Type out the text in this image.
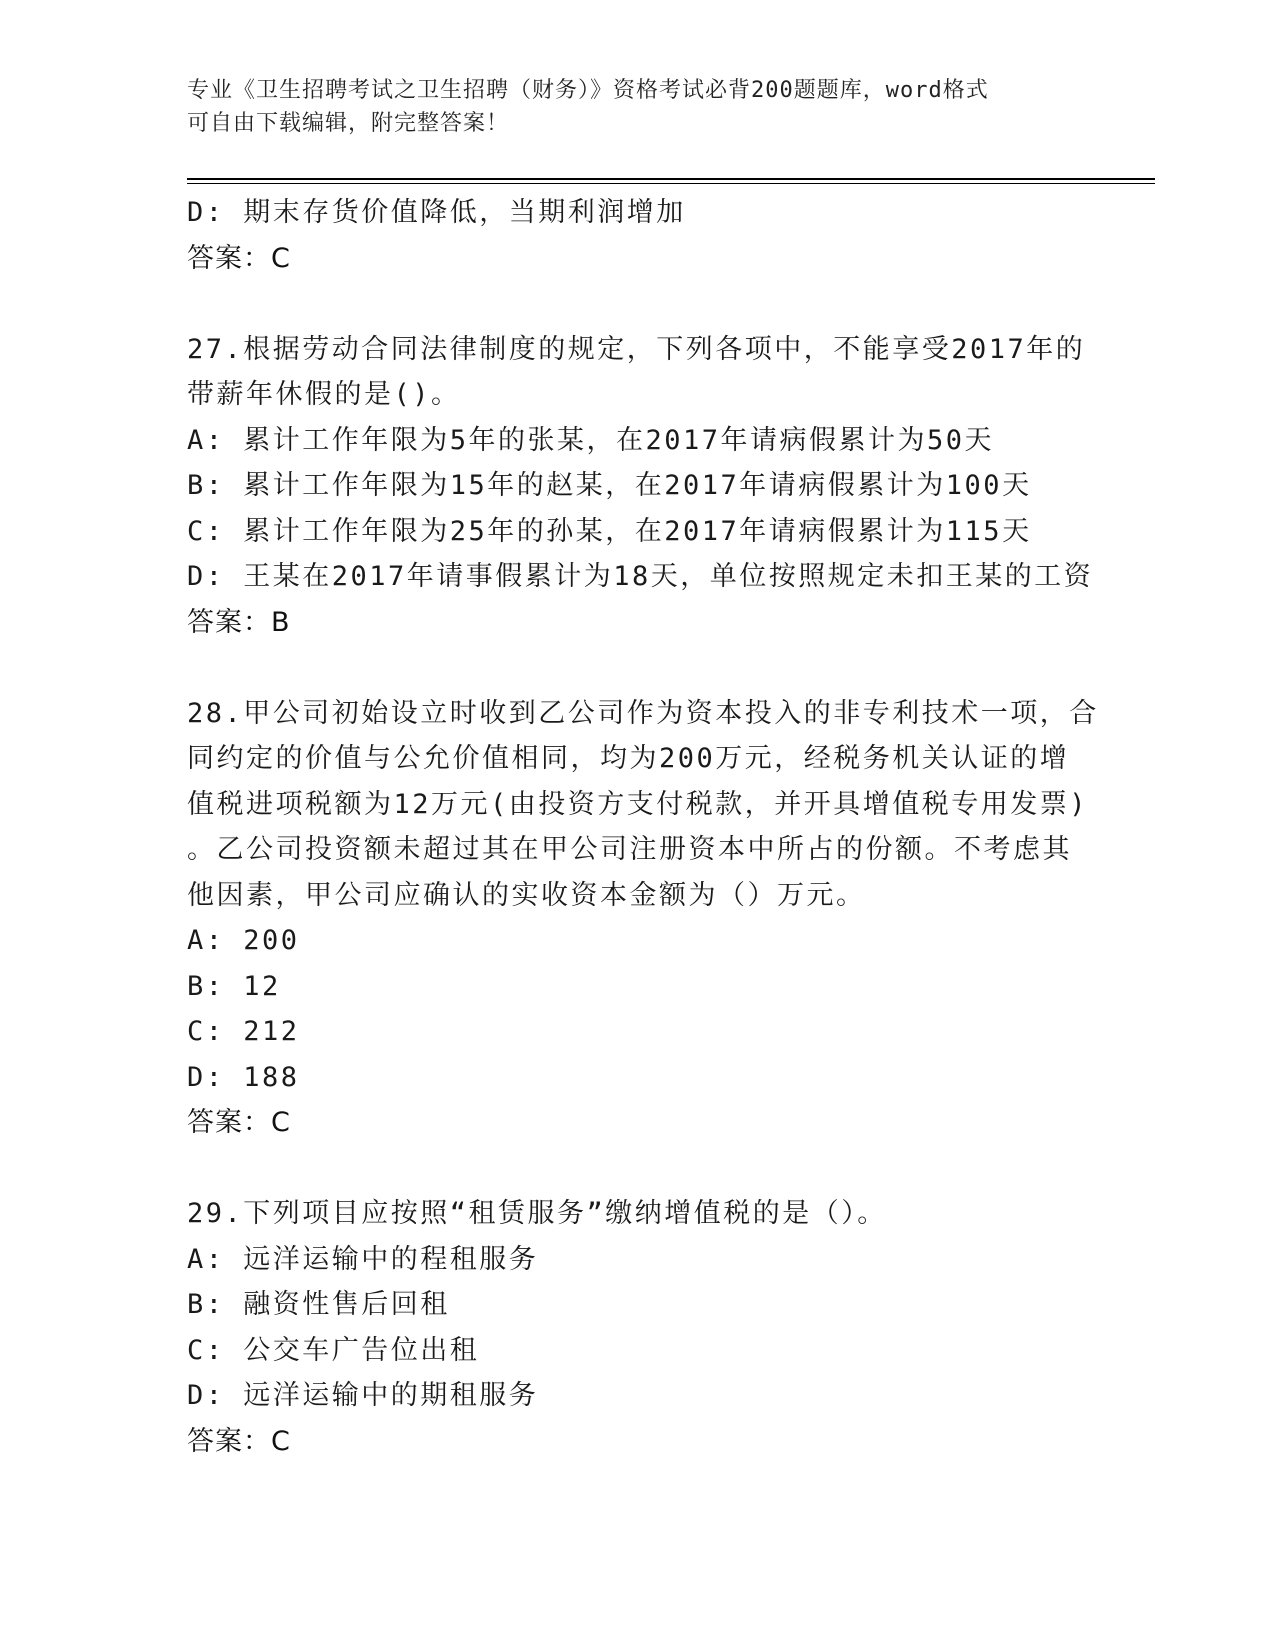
专业《卫生招聘考试之卫生招聘（财务）》资格考试必背200题题库，word格式
可自由下载编辑，附完整答案！
D: 期末存货价值降低，当期利润增加
答案：C
27.根据劳动合同法律制度的规定，下列各项中，不能享受2017年的
带薪年休假的是()。
A: 累计工作年限为5年的张某，在2017年请病假累计为50天
B: 累计工作年限为15年的赵某，在2017年请病假累计为100天
C: 累计工作年限为25年的孙某，在2017年请病假累计为115天
D: 王某在2017年请事假累计为18天，单位按照规定未扣王某的工资
答案：B
28.甲公司初始设立时收到乙公司作为资本投入的非专利技术一项，合
同约定的价值与公允价值相同，均为200万元，经税务机关认证的增
值税进项税额为12万元(由投资方支付税款，并开具增值税专用发票)
。乙公司投资额未超过其在甲公司注册资本中所占的份额。不考虑其
他因素，甲公司应确认的实收资本金额为（）万元。
A: 200
B: 12
C: 212
D: 188
答案：C
29.下列项目应按照“租赁服务”缴纳增值税的是（）。
A: 远洋运输中的程租服务
B: 融资性售后回租
C: 公交车广告位出租
D: 远洋运输中的期租服务
答案：C
